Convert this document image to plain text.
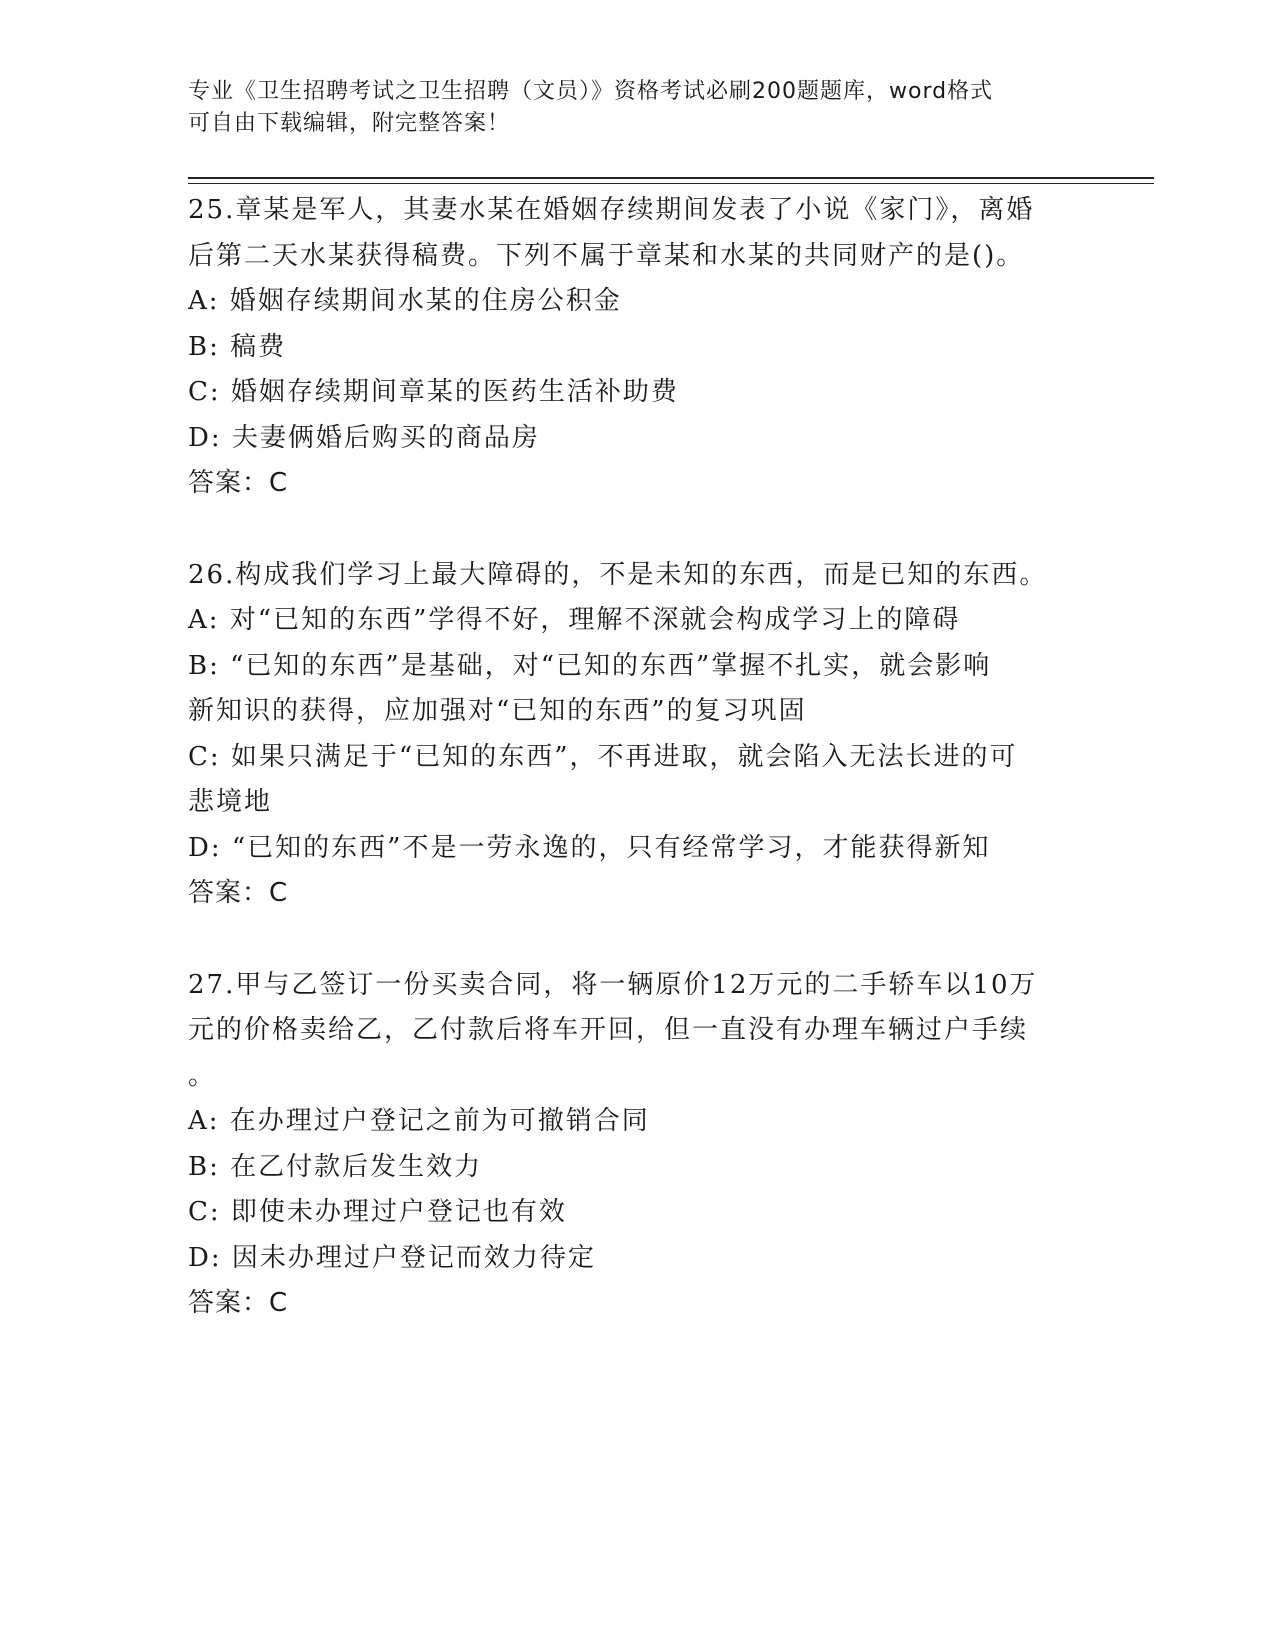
专业《卫生招聘考试之卫生招聘（文员）》资格考试必刷200题题库，word格式
可自由下载编辑，附完整答案！
25.章某是军人，其妻水某在婚姻存续期间发表了小说《家门》，离婚
后第二天水某获得稿费。下列不属于章某和水某的共同财产的是()。
A: 婚姻存续期间水某的住房公积金
B: 稿费
C: 婚姻存续期间章某的医药生活补助费
D: 夫妻俩婚后购买的商品房
答案：C
26.构成我们学习上最大障碍的，不是未知的东西，而是已知的东西。
A: 对“已知的东西”学得不好，理解不深就会构成学习上的障碍
B: “已知的东西”是基础，对“已知的东西”掌握不扎实，就会影响
新知识的获得，应加强对“已知的东西”的复习巩固
C: 如果只满足于“已知的东西”，不再进取，就会陷入无法长进的可
悲境地
D: “已知的东西”不是一劳永逸的，只有经常学习，才能获得新知
答案：C
27.甲与乙签订一份买卖合同，将一辆原价12万元的二手轿车以10万
元的价格卖给乙，乙付款后将车开回，但一直没有办理车辆过户手续
。
A: 在办理过户登记之前为可撤销合同
B: 在乙付款后发生效力
C: 即使未办理过户登记也有效
D: 因未办理过户登记而效力待定
答案：C
